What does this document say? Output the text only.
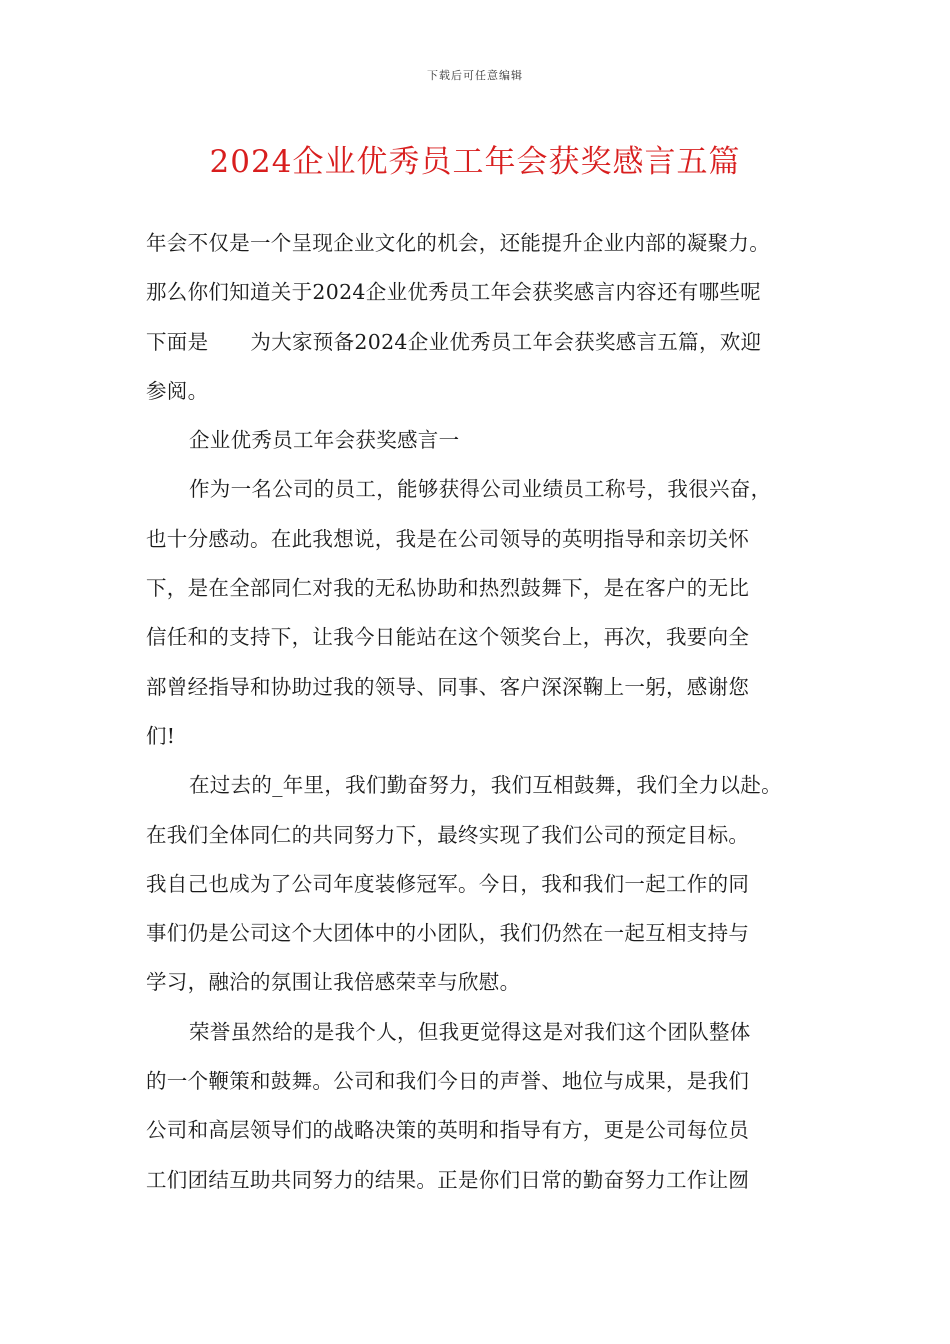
下载后可任意编辑
2024企业优秀员工年会获奖感言五篇
年会不仅是一个呈现企业文化的机会，还能提升企业内部的凝聚力。
那么你们知道关于2024企业优秀员工年会获奖感言内容还有哪些呢
下面是 为大家预备2024企业优秀员工年会获奖感言五篇，欢迎
参阅。
企业优秀员工年会获奖感言一
作为一名公司的员工，能够获得公司业绩员工称号，我很兴奋，
也十分感动。在此我想说，我是在公司领导的英明指导和亲切关怀
下，是在全部同仁对我的无私协助和热烈鼓舞下，是在客户的无比
信任和的支持下，让我今日能站在这个领奖台上，再次，我要向全
部曾经指导和协助过我的领导、同事、客户深深鞠上一躬，感谢您
们!
在过去的_年里，我们勤奋努力，我们互相鼓舞，我们全力以赴。
在我们全体同仁的共同努力下，最终实现了我们公司的预定目标。
我自己也成为了公司年度装修冠军。今日，我和我们一起工作的同
事们仍是公司这个大团体中的小团队，我们仍然在一起互相支持与
学习，融洽的氛围让我倍感荣幸与欣慰。
荣誉虽然给的是我个人，但我更觉得这是对我们这个团队整体
的一个鞭策和鼓舞。公司和我们今日的声誉、地位与成果，是我们
公司和高层领导们的战略决策的英明和指导有方，更是公司每位员
工们团结互助共同努力的结果。正是你们日常的勤奋努力工作让囫
